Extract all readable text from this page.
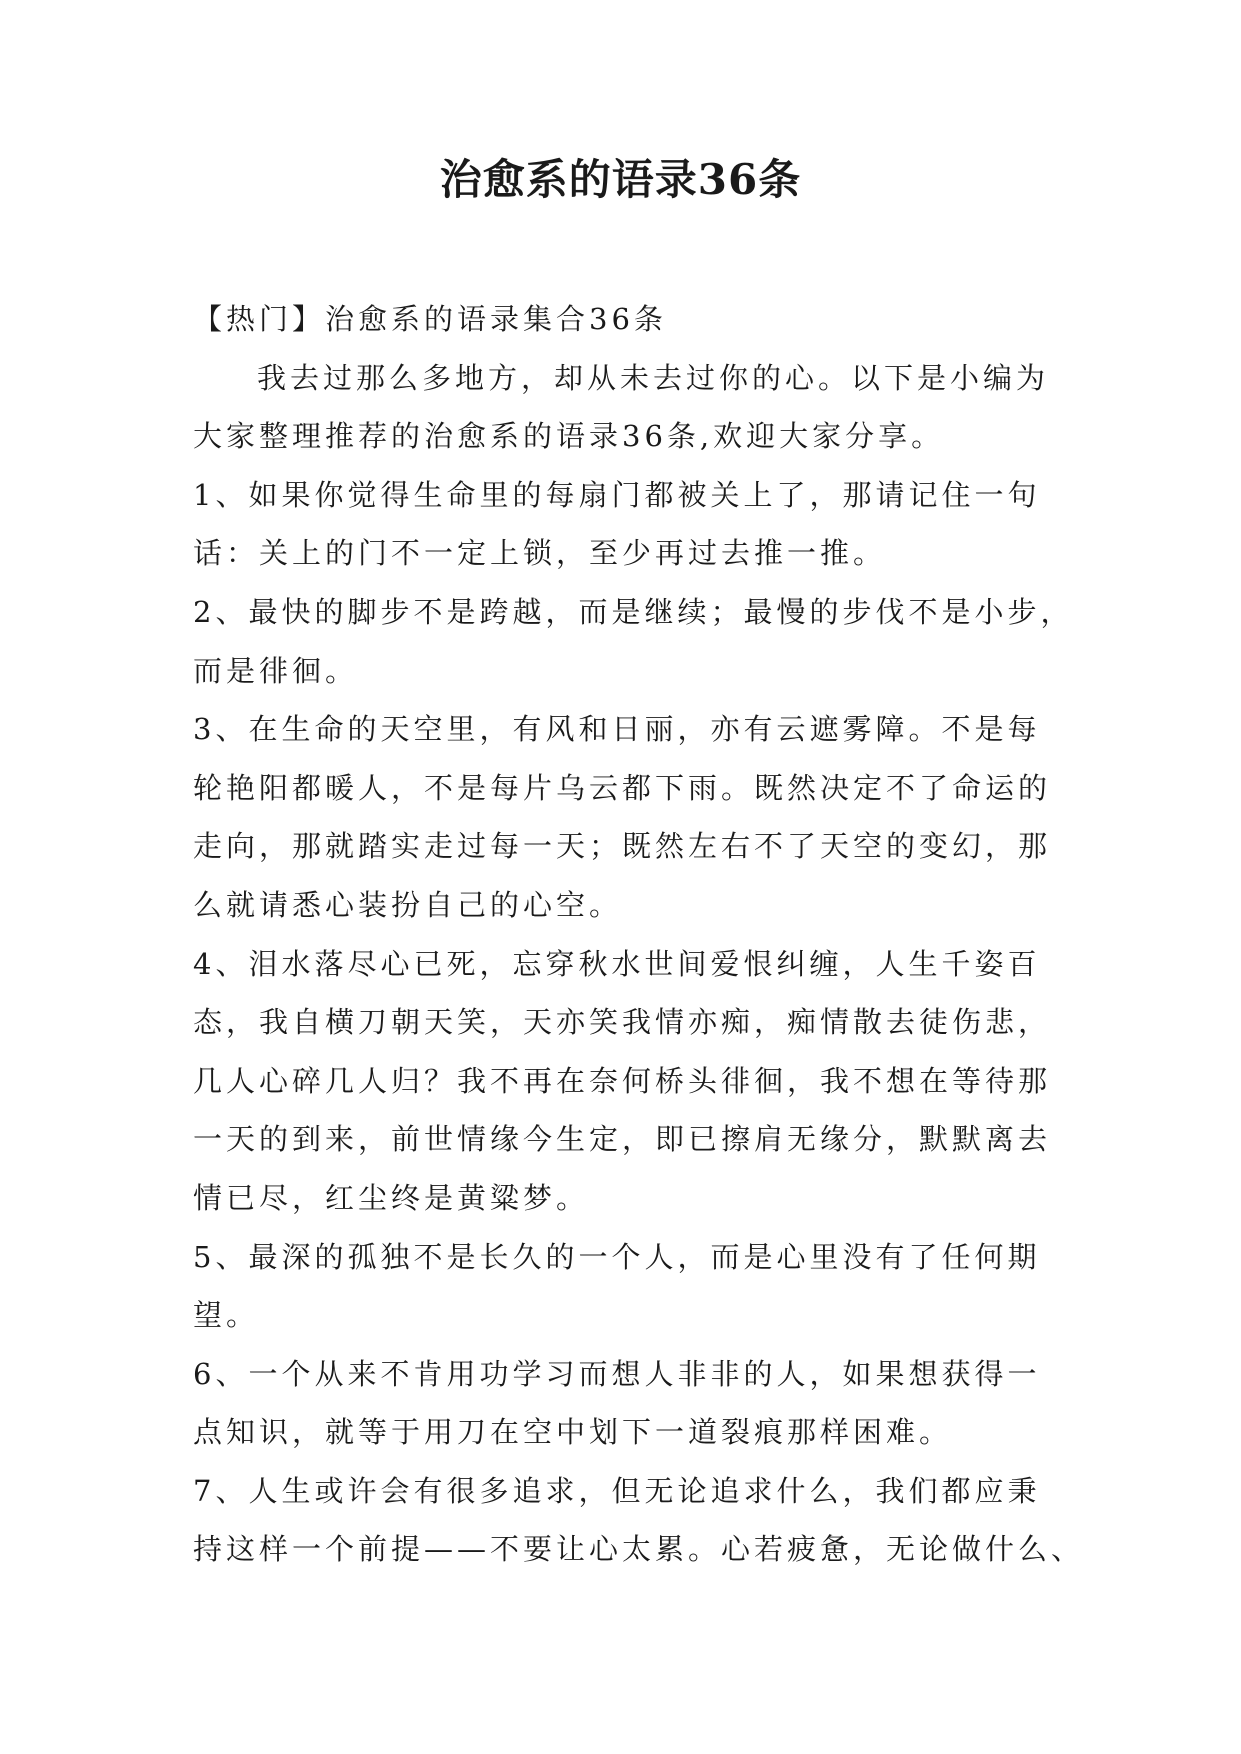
治愈系的语录36条
【热门】治愈系的语录集合36条
我去过那么多地方，却从未去过你的心。以下是小编为
大家整理推荐的治愈系的语录36条,欢迎大家分享。
1、如果你觉得生命里的每扇门都被关上了，那请记住一句
话：关上的门不一定上锁，至少再过去推一推。
2、最快的脚步不是跨越，而是继续；最慢的步伐不是小步，
而是徘徊。
3、在生命的天空里，有风和日丽，亦有云遮雾障。不是每
轮艳阳都暖人，不是每片乌云都下雨。既然决定不了命运的
走向，那就踏实走过每一天；既然左右不了天空的变幻，那
么就请悉心装扮自己的心空。
4、泪水落尽心已死，忘穿秋水世间爱恨纠缠，人生千姿百
态，我自横刀朝天笑，天亦笑我情亦痴，痴情散去徒伤悲，
几人心碎几人归？我不再在奈何桥头徘徊，我不想在等待那
一天的到来，前世情缘今生定，即已擦肩无缘分，默默离去
情已尽，红尘终是黄粱梦。
5、最深的孤独不是长久的一个人，而是心里没有了任何期
望。
6、一个从来不肯用功学习而想人非非的人，如果想获得一
点知识，就等于用刀在空中划下一道裂痕那样困难。
7、人生或许会有很多追求，但无论追求什么，我们都应秉
持这样一个前提——不要让心太累。心若疲惫，无论做什么、
